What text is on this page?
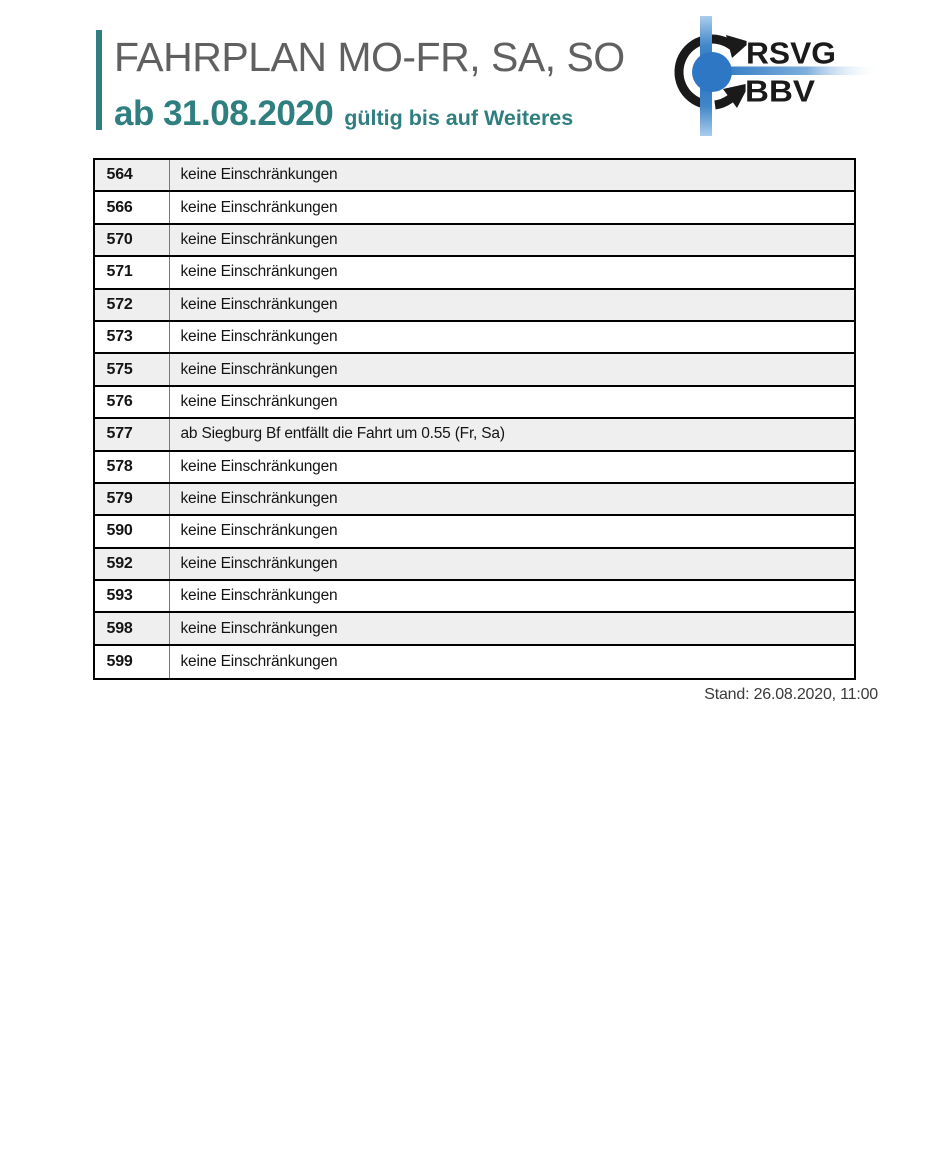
FAHRPLAN MO-FR, SA, SO
ab 31.08.2020 gültig bis auf Weiteres
RSVG
BBV
564	keine Einschränkungen
566	keine Einschränkungen
570	keine Einschränkungen
571	keine Einschränkungen
572	keine Einschränkungen
573	keine Einschränkungen
575	keine Einschränkungen
576	keine Einschränkungen
577	ab Siegburg Bf entfällt die Fahrt um 0.55 (Fr, Sa)
578	keine Einschränkungen
579	keine Einschränkungen
590	keine Einschränkungen
592	keine Einschränkungen
593	keine Einschränkungen
598	keine Einschränkungen
599	keine Einschränkungen
Stand: 26.08.2020, 11:00
